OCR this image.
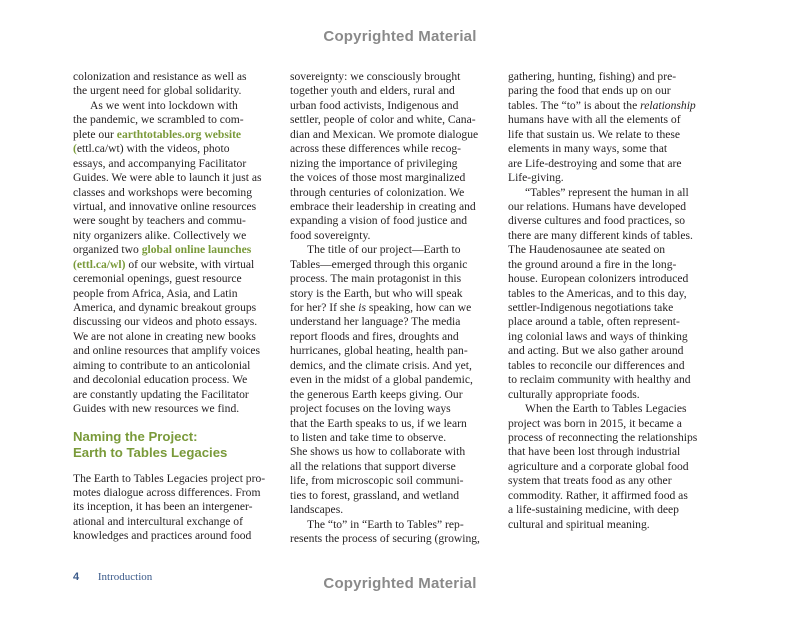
Copyrighted Material
colonization and resistance as well as
the urgent need for global solidarity.
As we went into lockdown with
the pandemic, we scrambled to com-
plete our earthtotables.org website
(ettl.ca/wt) with the videos, photo
essays, and accompanying Facilitator
Guides. We were able to launch it just as
classes and workshops were becoming
virtual, and innovative online resources
were sought by teachers and commu-
nity organizers alike. Collectively we
organized two global online launches
(ettl.ca/wl) of our website, with virtual
ceremonial openings, guest resource
people from Africa, Asia, and Latin
America, and dynamic breakout groups
discussing our videos and photo essays.
We are not alone in creating new books
and online resources that amplify voices
aiming to contribute to an anticolonial
and decolonial education process. We
are constantly updating the Facilitator
Guides with new resources we find.
Naming the Project:
Earth to Tables Legacies
The Earth to Tables Legacies project pro-
motes dialogue across differences. From
its inception, it has been an intergener-
ational and intercultural exchange of
knowledges and practices around food
sovereignty: we consciously brought
together youth and elders, rural and
urban food activists, Indigenous and
settler, people of color and white, Cana-
dian and Mexican. We promote dialogue
across these differences while recog-
nizing the importance of privileging
the voices of those most marginalized
through centuries of colonization. We
embrace their leadership in creating and
expanding a vision of food justice and
food sovereignty.
The title of our project—Earth to
Tables—emerged through this organic
process. The main protagonist in this
story is the Earth, but who will speak
for her? If she is speaking, how can we
understand her language? The media
report floods and fires, droughts and
hurricanes, global heating, health pan-
demics, and the climate crisis. And yet,
even in the midst of a global pandemic,
the generous Earth keeps giving. Our
project focuses on the loving ways
that the Earth speaks to us, if we learn
to listen and take time to observe.
She shows us how to collaborate with
all the relations that support diverse
life, from microscopic soil communi-
ties to forest, grassland, and wetland
landscapes.
The “to” in “Earth to Tables” rep-
resents the process of securing (growing,
gathering, hunting, fishing) and pre-
paring the food that ends up on our
tables. The “to” is about the relationship
humans have with all the elements of
life that sustain us. We relate to these
elements in many ways, some that
are Life-destroying and some that are
Life-giving.
“Tables” represent the human in all
our relations. Humans have developed
diverse cultures and food practices, so
there are many different kinds of tables.
The Haudenosaunee ate seated on
the ground around a fire in the long-
house. European colonizers introduced
tables to the Americas, and to this day,
settler-Indigenous negotiations take
place around a table, often represent-
ing colonial laws and ways of thinking
and acting. But we also gather around
tables to reconcile our differences and
to reclaim community with healthy and
culturally appropriate foods.
When the Earth to Tables Legacies
project was born in 2015, it became a
process of reconnecting the relationships
that have been lost through industrial
agriculture and a corporate global food
system that treats food as any other
commodity. Rather, it affirmed food as
a life-sustaining medicine, with deep
cultural and spiritual meaning.
4 Introduction	Copyrighted Material
